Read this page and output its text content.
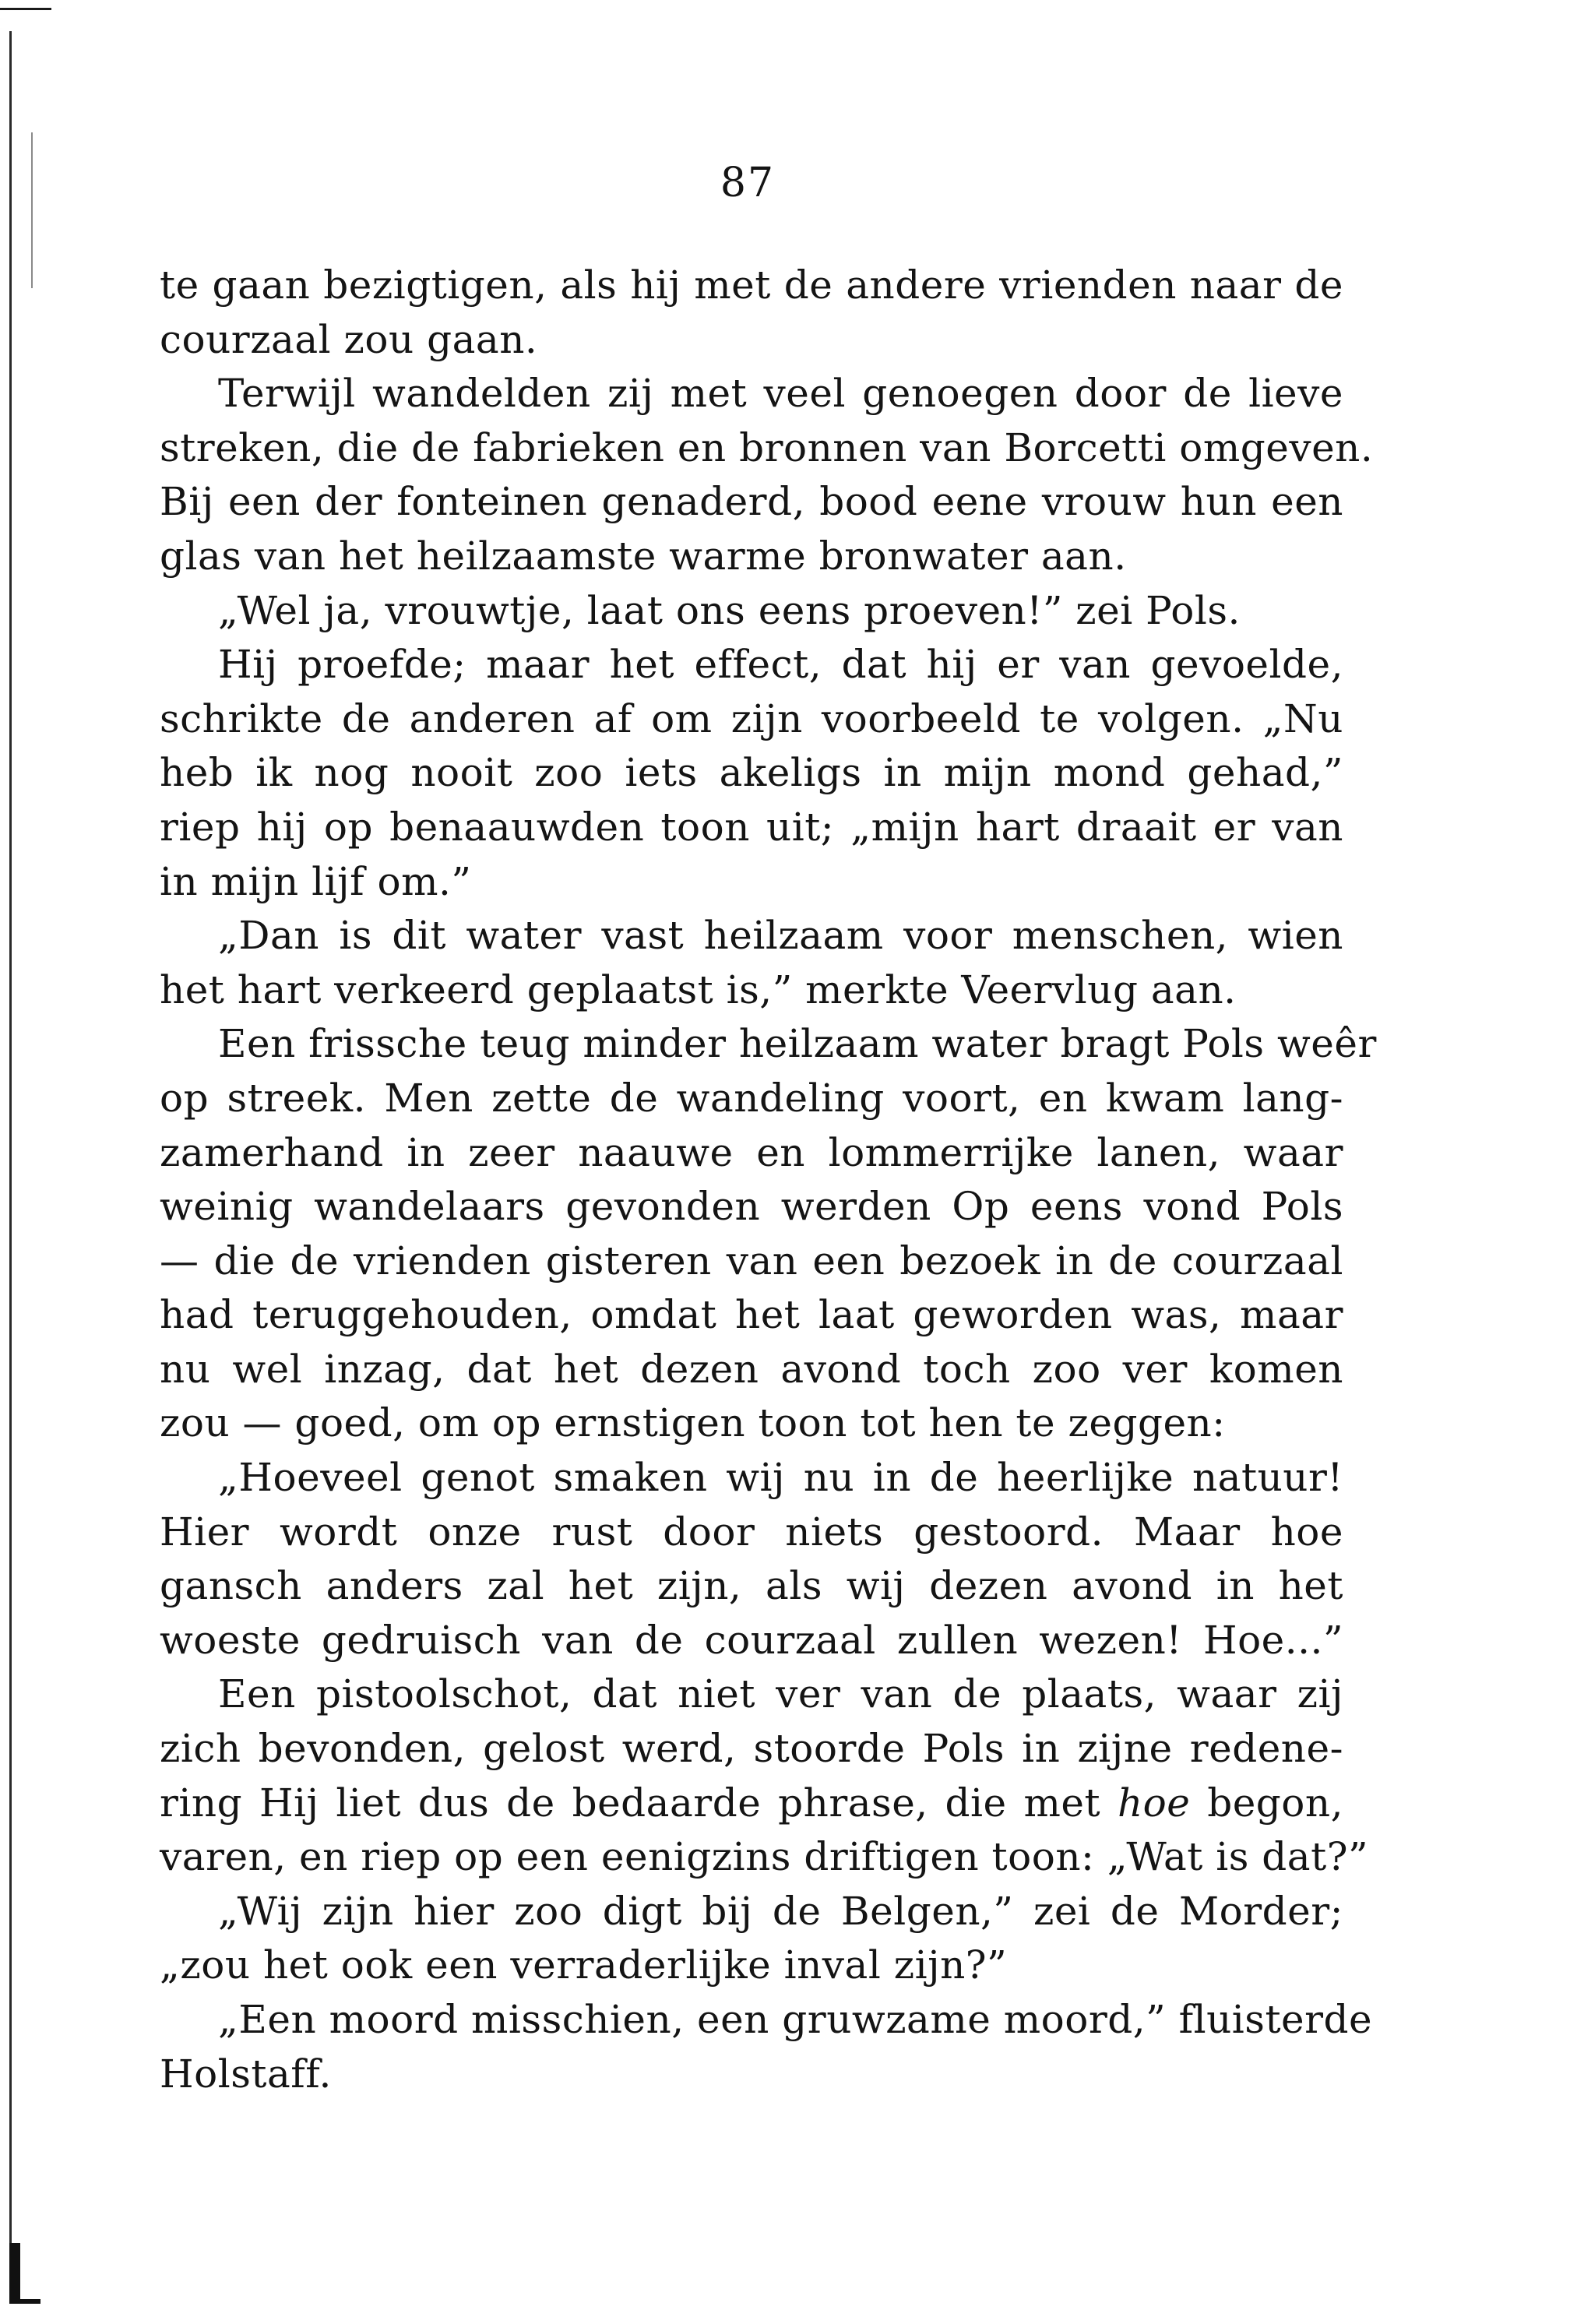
87
te gaan bezigtigen, als hij met de andere vrienden naar de
courzaal zou gaan.
Terwijl wandelden zij met veel genoegen door de lieve
streken, die de fabrieken en bronnen van Borcetti omgeven.
Bij een der fonteinen genaderd, bood eene vrouw hun een
glas van het heilzaamste warme bronwater aan.
„Wel ja, vrouwtje, laat ons eens proeven!” zei Pols.
Hij proefde; maar het effect, dat hij er van gevoelde,
schrikte de anderen af om zijn voorbeeld te volgen. „Nu
heb ik nog nooit zoo iets akeligs in mijn mond gehad,”
riep hij op benaauwden toon uit; „mijn hart draait er van
in mijn lijf om.”
„Dan is dit water vast heilzaam voor menschen, wien
het hart verkeerd geplaatst is,” merkte Veervlug aan.
Een frissche teug minder heilzaam water bragt Pols weêr
op streek. Men zette de wandeling voort, en kwam lang-
zamerhand in zeer naauwe en lommerrijke lanen, waar
weinig wandelaars gevonden werden Op eens vond Pols
— die de vrienden gisteren van een bezoek in de courzaal
had teruggehouden, omdat het laat geworden was, maar
nu wel inzag, dat het dezen avond toch zoo ver komen
zou — goed, om op ernstigen toon tot hen te zeggen:
„Hoeveel genot smaken wij nu in de heerlijke natuur!
Hier wordt onze rust door niets gestoord. Maar hoe
gansch anders zal het zijn, als wij dezen avond in het
woeste gedruisch van de courzaal zullen wezen! Hoe...”
Een pistoolschot, dat niet ver van de plaats, waar zij
zich bevonden, gelost werd, stoorde Pols in zijne redene-
ring Hij liet dus de bedaarde phrase, die met hoe begon,
varen, en riep op een eenigzins driftigen toon: „Wat is dat?”
„Wij zijn hier zoo digt bij de Belgen,” zei de Morder;
„zou het ook een verraderlijke inval zijn?”
„Een moord misschien, een gruwzame moord,” fluisterde
Holstaff.
